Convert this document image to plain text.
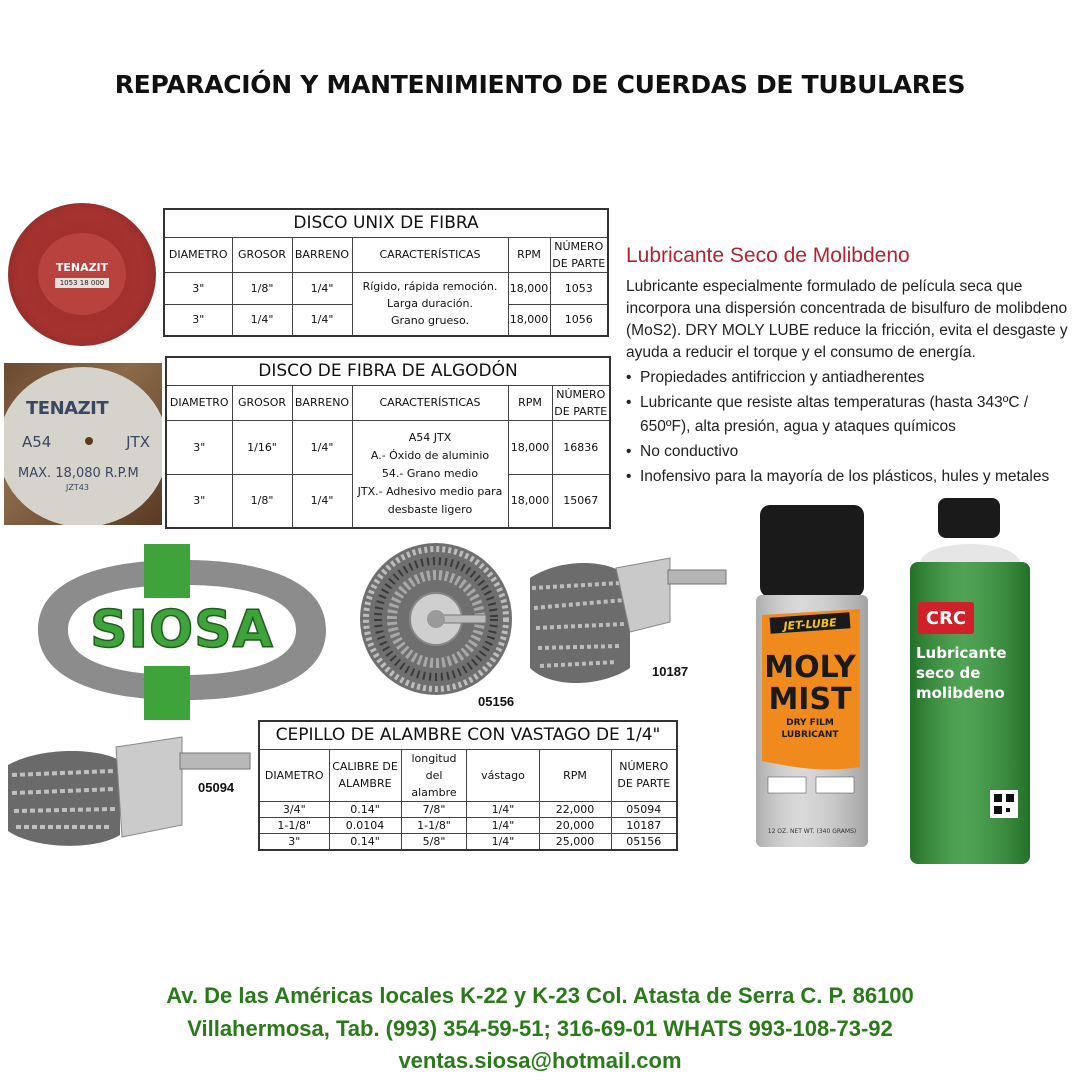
REPARACIÓN Y MANTENIMIENTO DE CUERDAS DE TUBULARES
TENAZIT
1053 18 000
DISCO UNIX DE FIBRA					
DIAMETRO	GROSOR	BARRENO	CARACTERÍSTICAS	RPM	NÚMERO DE PARTE
3"	1/8"	1/4"	Rígido, rápida remoción.
Larga duración.
Grano grueso.	18,000	1053
3"	1/4"	1/4"		18,000	1056
TENAZIT
A54	JTX
MAX. 18,080 R.P.M
JZT43
DISCO DE FIBRA DE ALGODÓN					
DIAMETRO	GROSOR	BARRENO	CARACTERÍSTICAS	RPM	NÚMERO DE PARTE
3"	1/16"	1/4"	A54 JTX
A.- Óxido de aluminio
54.- Grano medio
JTX.- Adhesivo medio para desbaste ligero	18,000	16836
3"	1/8"	1/4"		18,000	15067
SIOSA
05156
10187
05094
CEPILLO DE ALAMBRE CON VASTAGO DE 1/4"					
DIAMETRO	CALIBRE DE ALAMBRE	longitud del alambre	vástago	RPM	NÚMERO DE PARTE
3/4"	0.14"	7/8"	1/4"	22,000	05094
1-1/8"	0.0104	1-1/8"	1/4"	20,000	10187
3"	0.14"	5/8"	1/4"	25,000	05156
Lubricante Seco de Molibdeno
Lubricante especialmente formulado de película seca que incorpora una dispersión concentrada de bisulfuro de molibdeno (MoS2). DRY MOLY LUBE reduce la fricción, evita el desgaste y ayuda a reducir el torque y el consumo de energía.
• Propiedades antifriccion y antiadherentes
• Lubricante que resiste altas temperaturas (hasta 343ºC / 650ºF), alta presión, agua y ataques químicos
• No conductivo
• Inofensivo para la mayoría de los plásticos, hules y metales
JET-LUBE
MOLY
MIST
DRY FILM
LUBRICANT
12 OZ. NET WT. (340 GRAMS)
CRC
Lubricante
seco de
molibdeno
Av. De las Américas locales K-22 y K-23 Col. Atasta de Serra C. P. 86100
Villahermosa, Tab. (993) 354-59-51; 316-69-01 WHATS 993-108-73-92
ventas.siosa@hotmail.com
